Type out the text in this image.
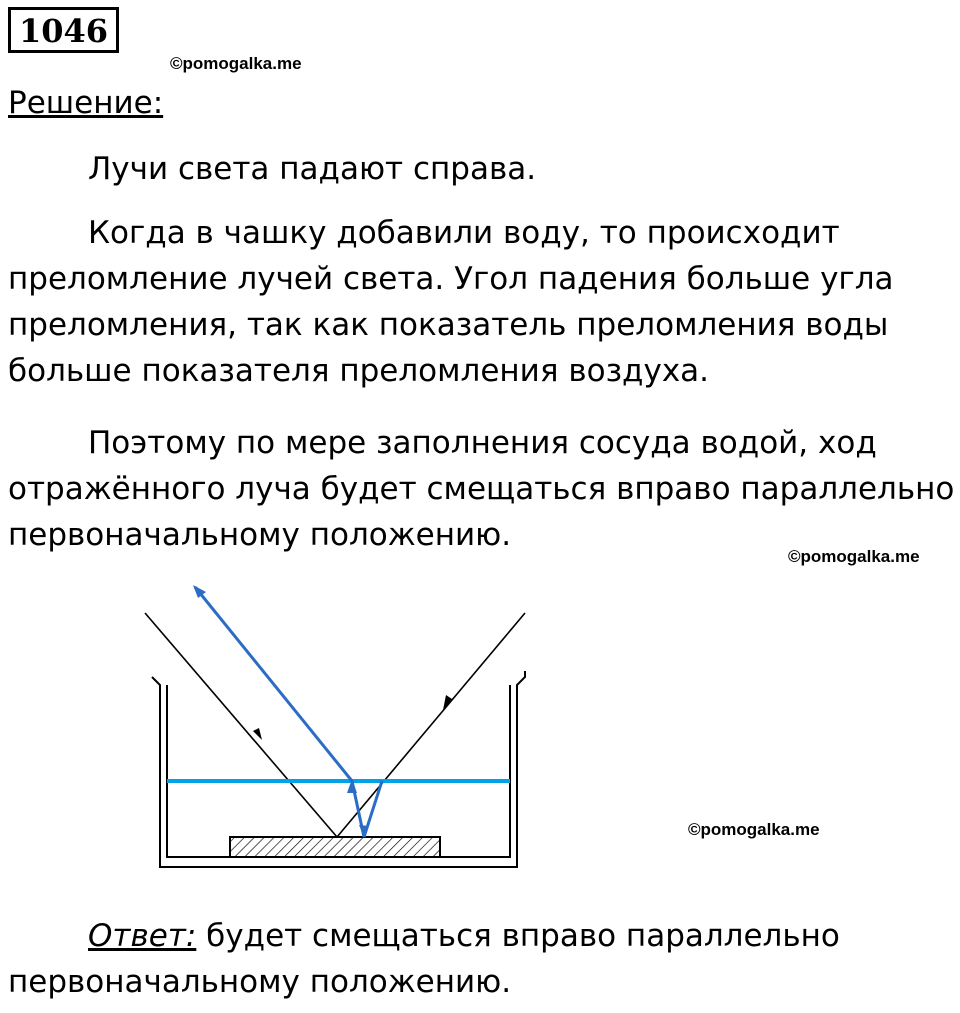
1046
©pomogalka.me
Решение:

Лучи света падают справа.

Когда в чашку добавили воду, то происходит преломление лучей света. Угол падения больше угла преломления, так как показатель преломления воды больше показателя преломления воздуха.

Поэтому по мере заполнения сосуда водой, ход отражённого луча будет смещаться вправо параллельно первоначальному положению.

©pomogalka.me
©pomogalka.me

Ответ: будет смещаться вправо параллельно первоначальному положению.
